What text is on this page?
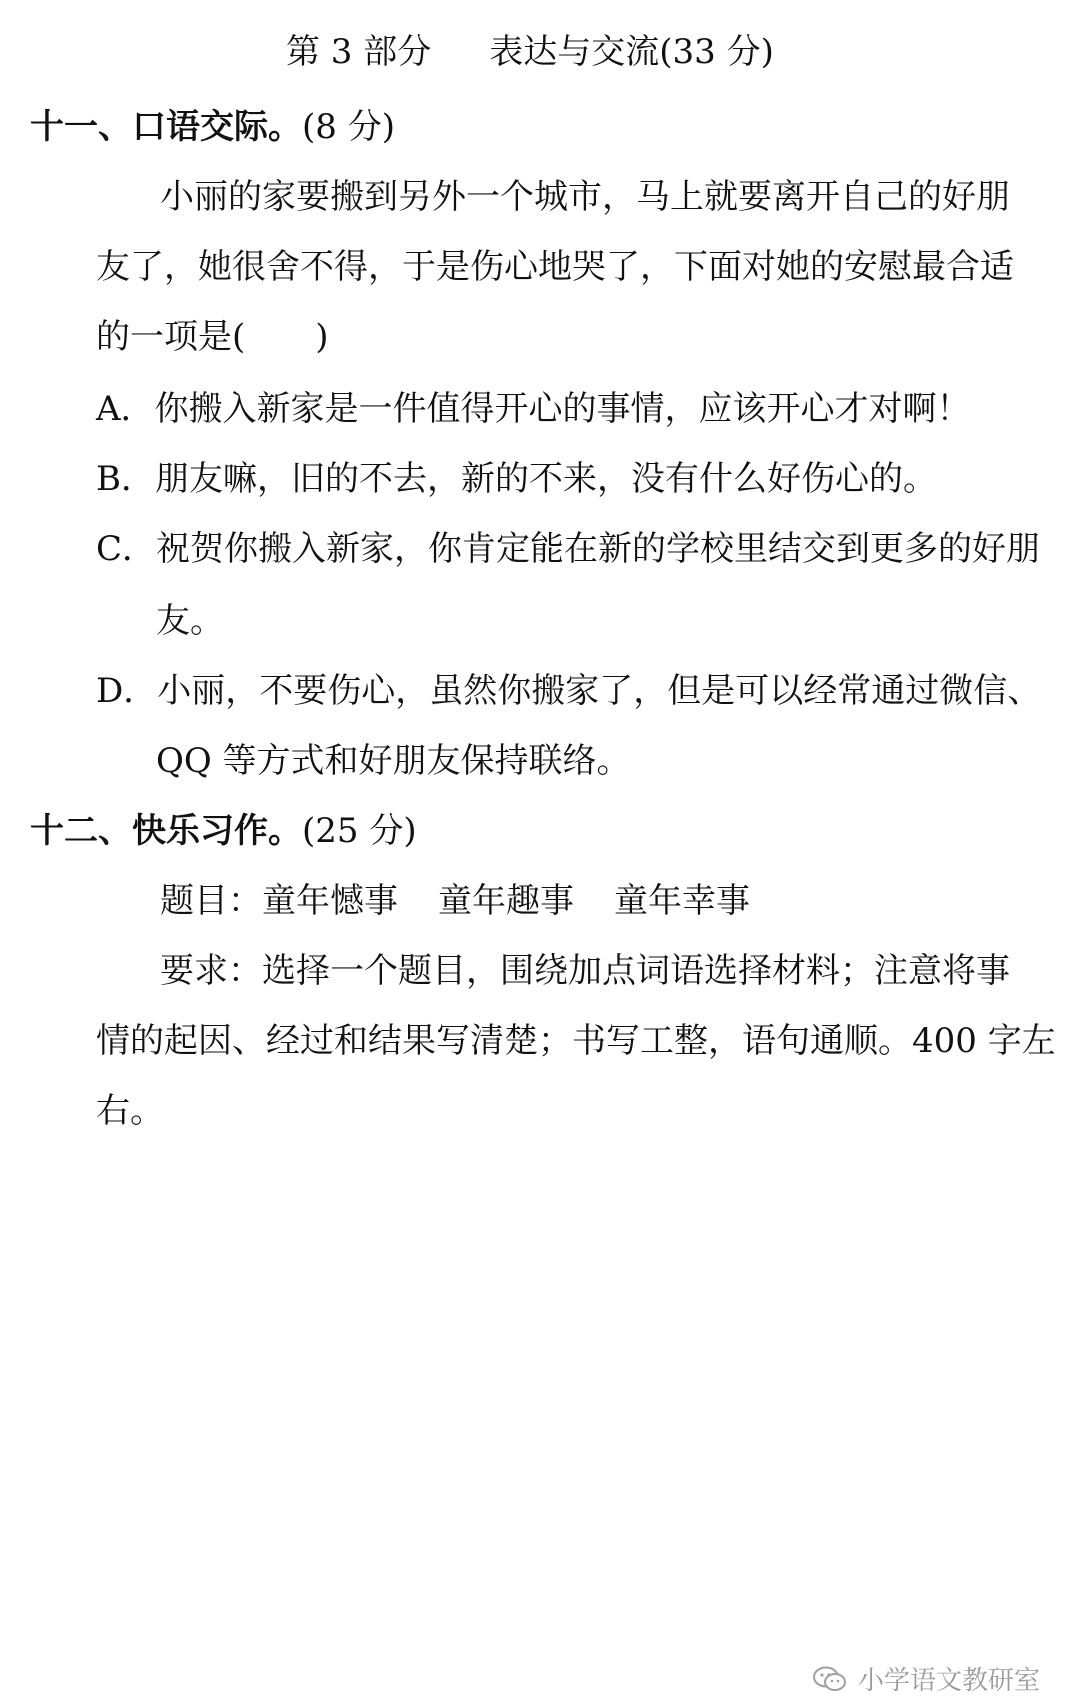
第 3 部分 表达与交流(33 分)
十一、口语交际。(8 分)
小丽的家要搬到另外一个城市，马上就要离开自己的好朋
友了，她很舍不得，于是伤心地哭了，下面对她的安慰最合适
的一项是( )
A．你搬入新家是一件值得开心的事情，应该开心才对啊！
B．朋友嘛，旧的不去，新的不来，没有什么好伤心的。
C．祝贺你搬入新家，你肯定能在新的学校里结交到更多的好朋
友。
D．小丽，不要伤心，虽然你搬家了，但是可以经常通过微信、
QQ 等方式和好朋友保持联络。
十二、快乐习作。(25 分)
题目：童年憾事 童年趣事 童年幸事
要求：选择一个题目，围绕加点词语选择材料；注意将事
情的起因、经过和结果写清楚；书写工整，语句通顺。400 字左
右。
小学语文教研室
